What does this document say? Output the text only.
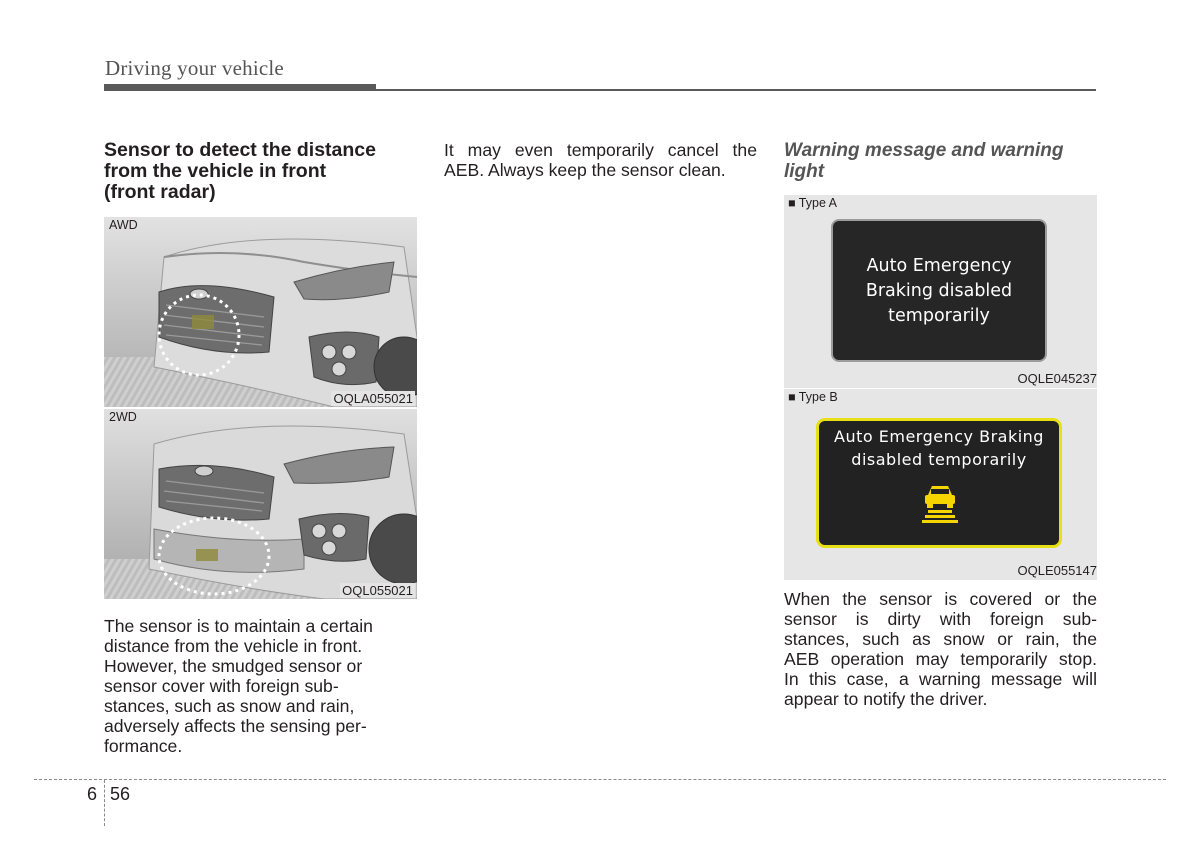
Driving your vehicle
Sensor to detect the distance
from the vehicle in front
(front radar)
AWD
OQLA055021
2WD
OQL055021
The sensor is to maintain a certain
distance from the vehicle in front.
However, the smudged sensor or
sensor cover with foreign sub-
stances, such as snow and rain,
adversely affects the sensing per-
formance.
It may even temporarily cancel the
AEB. Always keep the sensor clean.
Warning message and warning
light
■ Type A
Auto Emergency
Braking disabled
temporarily
OQLE045237
■ Type B
Auto Emergency Braking
disabled temporarily
OQLE055147
When the sensor is covered or the
sensor is dirty with foreign sub-
stances, such as snow or rain, the
AEB operation may temporarily stop.
In this case, a warning message will
appear to notify the driver.
6 56
